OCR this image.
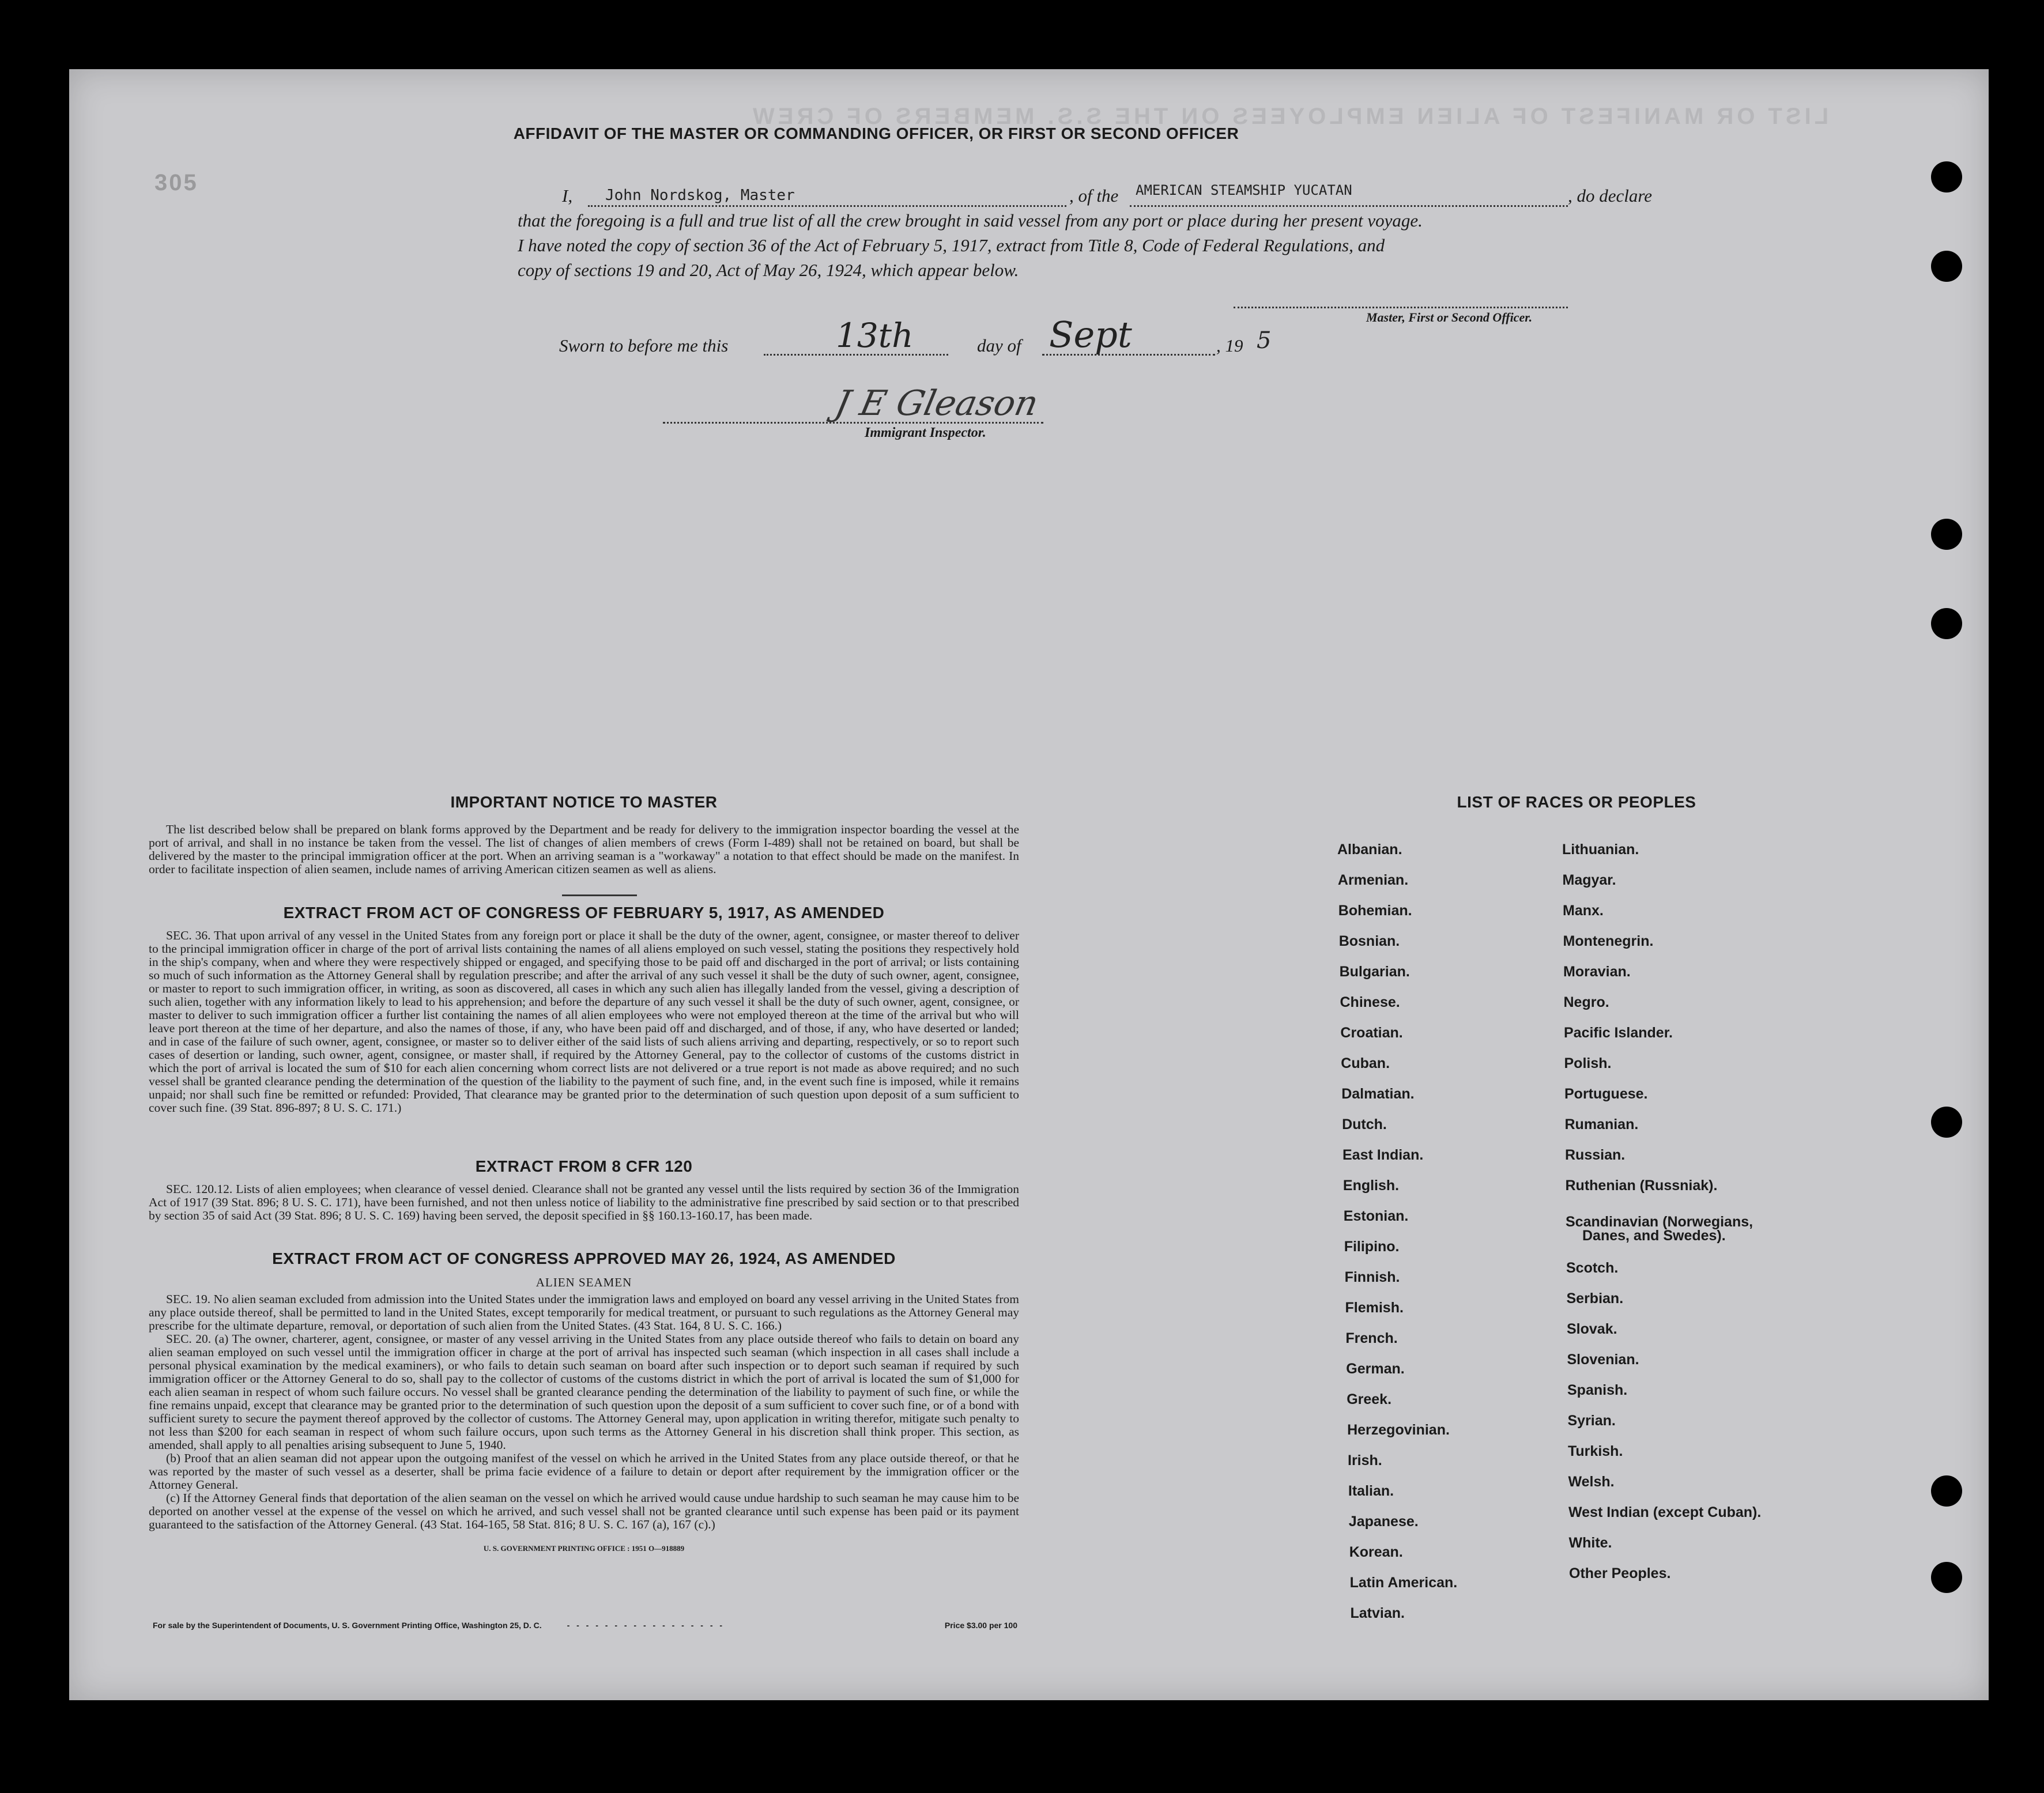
LIST OR MANIFEST OF ALIEN EMPLOYEES ON THE S.S. MEMBERS OF CREW
305
AFFIDAVIT OF THE MASTER OR COMMANDING OFFICER, OR FIRST OR SECOND OFFICER
I, John Nordskog, Master	, of the AMERICAN STEAMSHIP YUCATAN	, do declare
that the foregoing is a full and true list of all the crew brought in said vessel from any port or place during her present voyage.
I have noted the copy of section 36 of the Act of February 5, 1917, extract from Title 8, Code of Federal Regulations, and
copy of sections 19 and 20, Act of May 26, 1924, which appear below.
Master, First or Second Officer.
Sworn to before me this	13th	day of Sept	, 19 5
J E Gleason
Immigrant Inspector.

IMPORTANT NOTICE TO MASTER

The list described below shall be prepared on blank forms approved by the Department and be ready for delivery to the immigration inspector boarding the vessel at the port of arrival, and shall in no instance be taken from the vessel. The list of changes of alien members of crews (Form I-489) shall not be retained on board, but shall be delivered by the master to the principal immigration officer at the port. When an arriving seaman is a "workaway" a notation to that effect should be made on the manifest. In order to facilitate inspection of alien seamen, include names of arriving American citizen seamen as well as aliens.

EXTRACT FROM ACT OF CONGRESS OF FEBRUARY 5, 1917, AS AMENDED

SEC. 36. That upon arrival of any vessel in the United States from any foreign port or place it shall be the duty of the owner, agent, consignee, or master thereof to deliver to the principal immigration officer in charge of the port of arrival lists containing the names of all aliens employed on such vessel, stating the positions they respectively hold in the ship's company, when and where they were respectively shipped or engaged, and specifying those to be paid off and discharged in the port of arrival; or lists containing so much of such information as the Attorney General shall by regulation prescribe; and after the arrival of any such vessel it shall be the duty of such owner, agent, consignee, or master to report to such immigration officer, in writing, as soon as discovered, all cases in which any such alien has illegally landed from the vessel, giving a description of such alien, together with any information likely to lead to his apprehension; and before the departure of any such vessel it shall be the duty of such owner, agent, consignee, or master to deliver to such immigration officer a further list containing the names of all alien employees who were not employed thereon at the time of the arrival but who will leave port thereon at the time of her departure, and also the names of those, if any, who have been paid off and discharged, and of those, if any, who have deserted or landed; and in case of the failure of such owner, agent, consignee, or master so to deliver either of the said lists of such aliens arriving and departing, respectively, or so to report such cases of desertion or landing, such owner, agent, consignee, or master shall, if required by the Attorney General, pay to the collector of customs of the customs district in which the port of arrival is located the sum of $10 for each alien concerning whom correct lists are not delivered or a true report is not made as above required; and no such vessel shall be granted clearance pending the determination of the question of the liability to the payment of such fine, and, in the event such fine is imposed, while it remains unpaid; nor shall such fine be remitted or refunded: Provided, That clearance may be granted prior to the determination of such question upon deposit of a sum sufficient to cover such fine. (39 Stat. 896-897; 8 U. S. C. 171.)

EXTRACT FROM 8 CFR 120

SEC. 120.12. Lists of alien employees; when clearance of vessel denied. Clearance shall not be granted any vessel until the lists required by section 36 of the Immigration Act of 1917 (39 Stat. 896; 8 U. S. C. 171), have been furnished, and not then unless notice of liability to the administrative fine prescribed by said section or to that prescribed by section 35 of said Act (39 Stat. 896; 8 U. S. C. 169) having been served, the deposit specified in §§ 160.13-160.17, has been made.

EXTRACT FROM ACT OF CONGRESS APPROVED MAY 26, 1924, AS AMENDED

ALIEN SEAMEN

SEC. 19. No alien seaman excluded from admission into the United States under the immigration laws and employed on board any vessel arriving in the United States from any place outside thereof, shall be permitted to land in the United States, except temporarily for medical treatment, or pursuant to such regulations as the Attorney General may prescribe for the ultimate departure, removal, or deportation of such alien from the United States. (43 Stat. 164, 8 U. S. C. 166.)

SEC. 20. (a) The owner, charterer, agent, consignee, or master of any vessel arriving in the United States from any place outside thereof who fails to detain on board any alien seaman employed on such vessel until the immigration officer in charge at the port of arrival has inspected such seaman (which inspection in all cases shall include a personal physical examination by the medical examiners), or who fails to detain such seaman on board after such inspection or to deport such seaman if required by such immigration officer or the Attorney General to do so, shall pay to the collector of customs of the customs district in which the port of arrival is located the sum of $1,000 for each alien seaman in respect of whom such failure occurs. No vessel shall be granted clearance pending the determination of the liability to payment of such fine, or while the fine remains unpaid, except that clearance may be granted prior to the determination of such question upon the deposit of a sum sufficient to cover such fine, or of a bond with sufficient surety to secure the payment thereof approved by the collector of customs. The Attorney General may, upon application in writing therefor, mitigate such penalty to not less than $200 for each seaman in respect of whom such failure occurs, upon such terms as the Attorney General in his discretion shall think proper. This section, as amended, shall apply to all penalties arising subsequent to June 5, 1940.

(b) Proof that an alien seaman did not appear upon the outgoing manifest of the vessel on which he arrived in the United States from any place outside thereof, or that he was reported by the master of such vessel as a deserter, shall be prima facie evidence of a failure to detain or deport after requirement by the immigration officer or the Attorney General.

(c) If the Attorney General finds that deportation of the alien seaman on the vessel on which he arrived would cause undue hardship to such seaman he may cause him to be deported on another vessel at the expense of the vessel on which he arrived, and such vessel shall not be granted clearance until such expense has been paid or its payment guaranteed to the satisfaction of the Attorney General. (43 Stat. 164-165, 58 Stat. 816; 8 U. S. C. 167 (a), 167 (c).)

U. S. GOVERNMENT PRINTING OFFICE : 1951 O—918889

For sale by the Superintendent of Documents, U. S. Government Printing Office, Washington 25, D. C.	- - - - - - - - - - - - - - - - -	Price $3.00 per 100
LIST OF RACES OR PEOPLES
Albanian.
Armenian.
Bohemian.
Bosnian.
Bulgarian.
Chinese.
Croatian.
Cuban.
Dalmatian.
Dutch.
East Indian.
English.
Estonian.
Filipino.
Finnish.
Flemish.
French.
German.
Greek.
Herzegovinian.
Irish.
Italian.
Japanese.
Korean.
Latin American.
Latvian.
Lithuanian.
Magyar.
Manx.
Montenegrin.
Moravian.
Negro.
Pacific Islander.
Polish.
Portuguese.
Rumanian.
Russian.
Ruthenian (Russniak).
Scandinavian (Norwegians,
Danes, and Swedes).
Scotch.
Serbian.
Slovak.
Slovenian.
Spanish.
Syrian.
Turkish.
Welsh.
West Indian (except Cuban).
White.
Other Peoples.
